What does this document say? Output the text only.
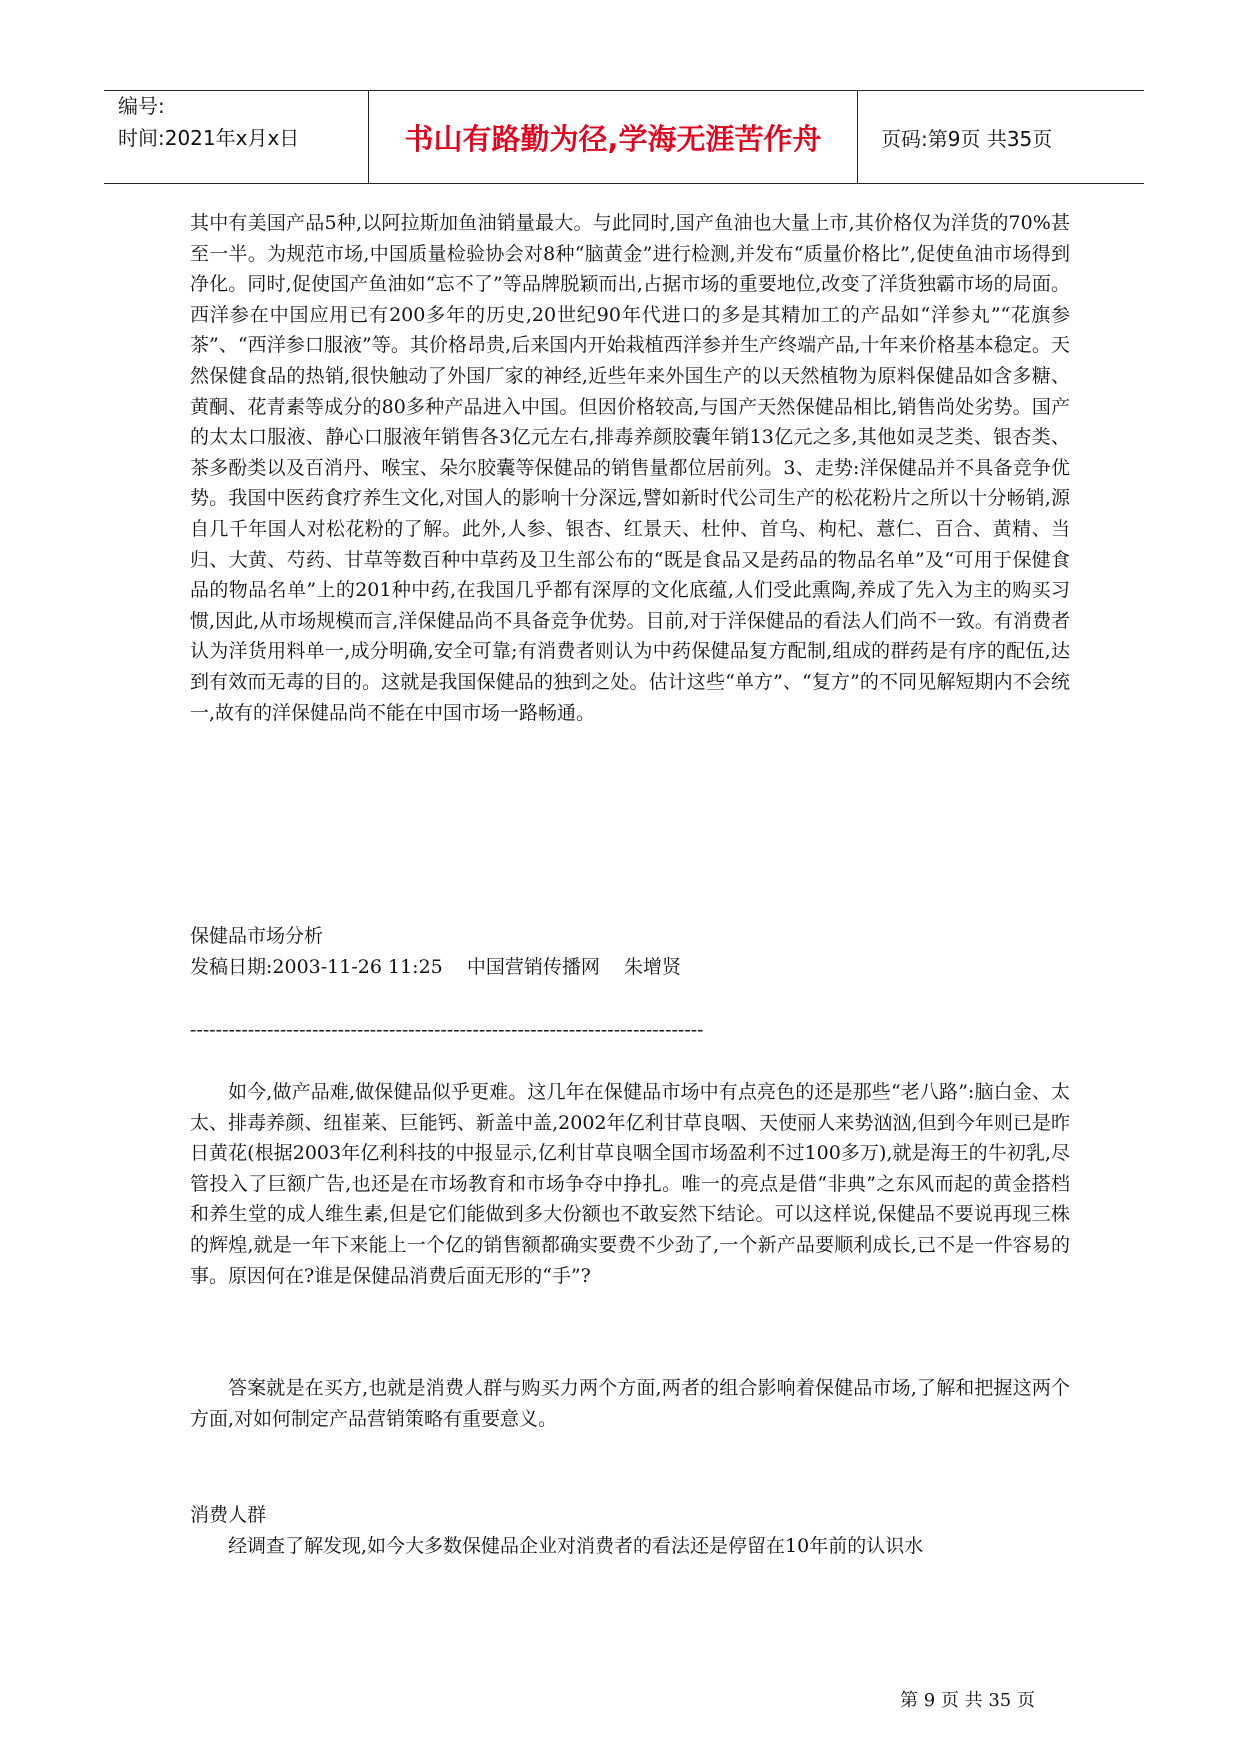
编号:
时间:2021年x月x日	书山有路勤为径,学海无涯苦作舟	页码:第9页 共35页

其中有美国产品5种,以阿拉斯加鱼油销量最大。与此同时,国产鱼油也大量上市,其价格仅为洋货的70%甚至一半。为规范市场,中国质量检验协会对8种“脑黄金”进行检测,并发布“质量价格比”,促使鱼油市场得到净化。同时,促使国产鱼油如“忘不了”等品牌脱颖而出,占据市场的重要地位,改变了洋货独霸市场的局面。西洋参在中国应用已有200多年的历史,20世纪90年代进口的多是其精加工的产品如“洋参丸”“花旗参茶”、“西洋参口服液”等。其价格昂贵,后来国内开始栽植西洋参并生产终端产品,十年来价格基本稳定。天然保健食品的热销,很快触动了外国厂家的神经,近些年来外国生产的以天然植物为原料保健品如含多糖、黄酮、花青素等成分的80多种产品进入中国。但因价格较高,与国产天然保健品相比,销售尚处劣势。国产的太太口服液、静心口服液年销售各3亿元左右,排毒养颜胶囊年销13亿元之多,其他如灵芝类、银杏类、茶多酚类以及百消丹、喉宝、朵尔胶囊等保健品的销售量都位居前列。3、走势:洋保健品并不具备竞争优势。我国中医药食疗养生文化,对国人的影响十分深远,譬如新时代公司生产的松花粉片之所以十分畅销,源自几千年国人对松花粉的了解。此外,人参、银杏、红景天、杜仲、首乌、枸杞、薏仁、百合、黄精、当归、大黄、芍药、甘草等数百种中草药及卫生部公布的“既是食品又是药品的物品名单”及“可用于保健食品的物品名单”上的201种中药,在我国几乎都有深厚的文化底蕴,人们受此熏陶,养成了先入为主的购买习惯,因此,从市场规模而言,洋保健品尚不具备竞争优势。目前,对于洋保健品的看法人们尚不一致。有消费者认为洋货用料单一,成分明确,安全可靠;有消费者则认为中药保健品复方配制,组成的群药是有序的配伍,达到有效而无毒的目的。这就是我国保健品的独到之处。估计这些“单方”、“复方”的不同见解短期内不会统一,故有的洋保健品尚不能在中国市场一路畅通。

保健品市场分析

发稿日期:2003-11-26 11:25    中国营销传播网    朱增贤

--------------------------------------------------------------------------------

如今,做产品难,做保健品似乎更难。这几年在保健品市场中有点亮色的还是那些“老八路”:脑白金、太太、排毒养颜、纽崔莱、巨能钙、新盖中盖,2002年亿利甘草良咽、天使丽人来势汹汹,但到今年则已是昨日黄花(根据2003年亿利科技的中报显示,亿利甘草良咽全国市场盈利不过100多万),就是海王的牛初乳,尽管投入了巨额广告,也还是在市场教育和市场争夺中挣扎。唯一的亮点是借“非典”之东风而起的黄金搭档和养生堂的成人维生素,但是它们能做到多大份额也不敢妄然下结论。可以这样说,保健品不要说再现三株的辉煌,就是一年下来能上一个亿的销售额都确实要费不少劲了,一个新产品要顺利成长,已不是一件容易的事。原因何在?谁是保健品消费后面无形的“手”?

答案就是在买方,也就是消费人群与购买力两个方面,两者的组合影响着保健品市场,了解和把握这两个方面,对如何制定产品营销策略有重要意义。

消费人群

经调查了解发现,如今大多数保健品企业对消费者的看法还是停留在10年前的认识水

第 9 页 共 35 页
